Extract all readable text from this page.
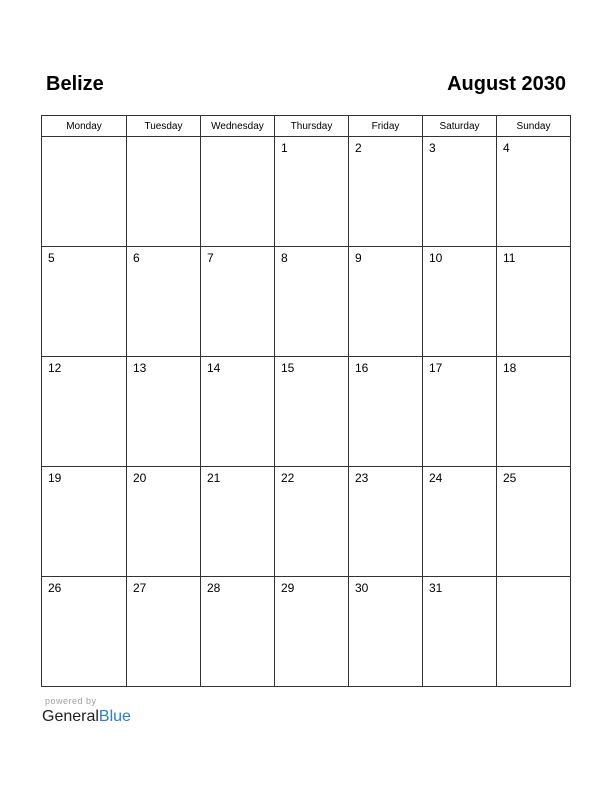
Belize	August 2030
Monday	Tuesday	Wednesday	Thursday	Friday	Saturday	Sunday

			1	2	3	4

5	6	7	8	9	10	11

12	13	14	15	16	17	18

19	20	21	22	23	24	25

26	27	28	29	30	31	

powered by
GeneralBlue
